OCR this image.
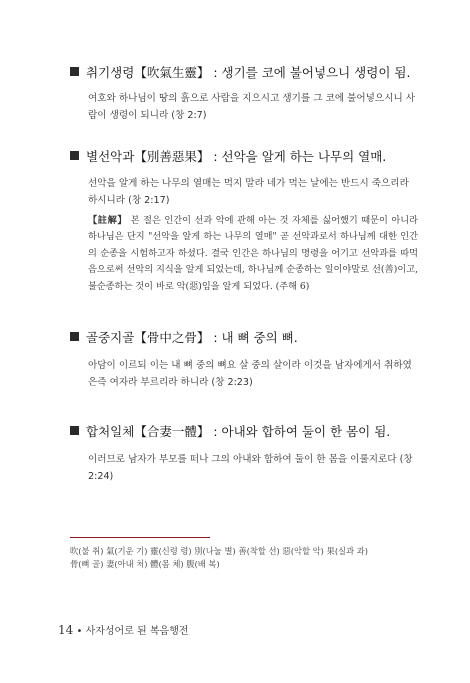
취기생령【吹氣生靈】 : 생기를 코에 불어넣으니 생령이 됨.
여호와 하나님이 땅의 흙으로 사람을 지으시고 생기를 그 코에 불어넣으시니 사람이 생령이 되니라 (창 2:7)
별선악과【別善惡果】 : 선악을 알게 하는 나무의 열매.
선악을 알게 하는 나무의 열매는 먹지 말라 네가 먹는 날에는 반드시 죽으리라 하시니라 (창 2:17)
【註解】 본 절은 인간이 선과 악에 관해 아는 것 자체를 싫어했기 때문이 아니라 하나님은 단지 "선악을 알게 하는 나무의 열매" 곧 선악과로서 하나님께 대한 인간의 순종을 시험하고자 하셨다. 결국 인간은 하나님의 명령을 어기고 선악과를 따먹음으로써 선악의 지식을 알게 되었는데, 하나님께 순종하는 일이야말로 선(善)이고, 불순종하는 것이 바로 악(惡)임을 알게 되었다. (주해 6)
골중지골【骨中之骨】 : 내 뼈 중의 뼈.
아담이 이르되 이는 내 뼈 중의 뼈요 살 중의 살이라 이것을 남자에게서 취하였은즉 여자라 부르리라 하니라 (창 2:23)
합처일체【合妻一體】 : 아내와 합하여 둘이 한 몸이 됨.
이러므로 남자가 부모를 떠나 그의 아내와 합하여 둘이 한 몸을 이룰지로다 (창 2:24)
吹(불 취) 氣(기운 기) 靈(신령 령) 別(나눌 별) 善(착할 선) 惡(악할 악) 果(실과 과)
骨(뼈 골) 妻(아내 처) 體(몸 체) 腹(배 복)
14 • 사자성어로 된 복음행전
